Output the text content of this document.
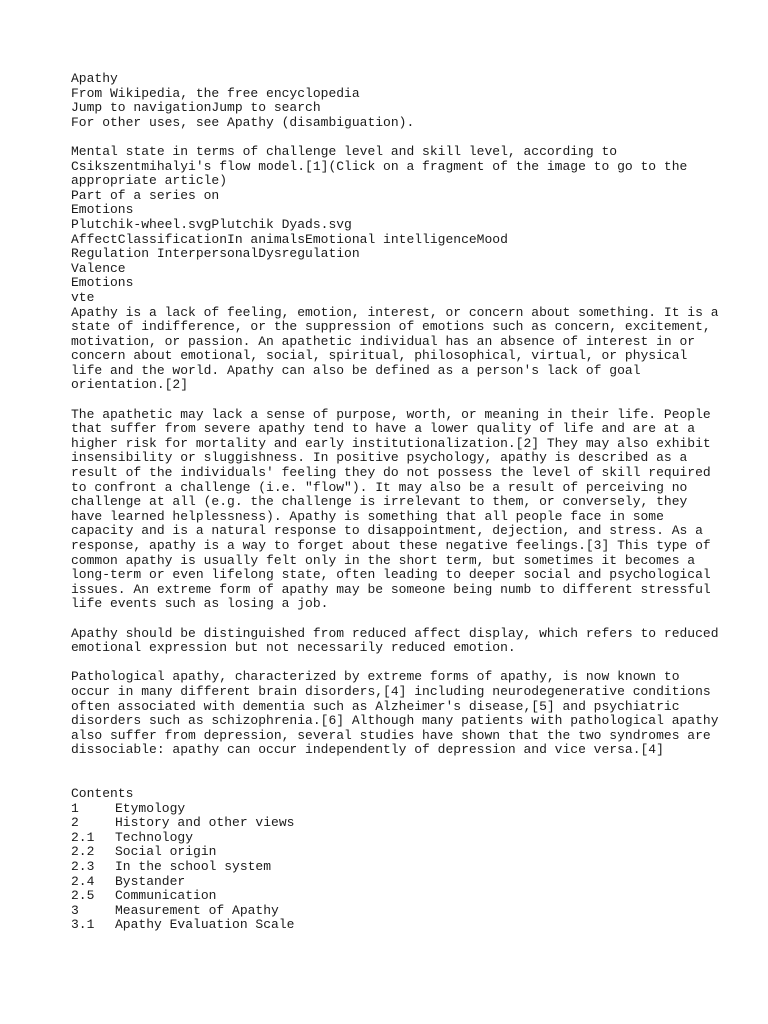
Apathy
From Wikipedia, the free encyclopedia
Jump to navigationJump to search
For other uses, see Apathy (disambiguation).
Mental state in terms of challenge level and skill level, according to
Csikszentmihalyi's flow model.[1](Click on a fragment of the image to go to the
appropriate article)
Part of a series on
Emotions
Plutchik-wheel.svgPlutchik Dyads.svg
AffectClassificationIn animalsEmotional intelligenceMood
Regulation InterpersonalDysregulation
Valence
Emotions
vte
Apathy is a lack of feeling, emotion, interest, or concern about something. It is a
state of indifference, or the suppression of emotions such as concern, excitement,
motivation, or passion. An apathetic individual has an absence of interest in or
concern about emotional, social, spiritual, philosophical, virtual, or physical
life and the world. Apathy can also be defined as a person's lack of goal
orientation.[2]
The apathetic may lack a sense of purpose, worth, or meaning in their life. People
that suffer from severe apathy tend to have a lower quality of life and are at a
higher risk for mortality and early institutionalization.[2] They may also exhibit
insensibility or sluggishness. In positive psychology, apathy is described as a
result of the individuals' feeling they do not possess the level of skill required
to confront a challenge (i.e. "flow"). It may also be a result of perceiving no
challenge at all (e.g. the challenge is irrelevant to them, or conversely, they
have learned helplessness). Apathy is something that all people face in some
capacity and is a natural response to disappointment, dejection, and stress. As a
response, apathy is a way to forget about these negative feelings.[3] This type of
common apathy is usually felt only in the short term, but sometimes it becomes a
long-term or even lifelong state, often leading to deeper social and psychological
issues. An extreme form of apathy may be someone being numb to different stressful
life events such as losing a job.
Apathy should be distinguished from reduced affect display, which refers to reduced
emotional expression but not necessarily reduced emotion.
Pathological apathy, characterized by extreme forms of apathy, is now known to
occur in many different brain disorders,[4] including neurodegenerative conditions
often associated with dementia such as Alzheimer's disease,[5] and psychiatric
disorders such as schizophrenia.[6] Although many patients with pathological apathy
also suffer from depression, several studies have shown that the two syndromes are
dissociable: apathy can occur independently of depression and vice versa.[4]
Contents
1	Etymology
2	History and other views
2.1	Technology
2.2	Social origin
2.3	In the school system
2.4	Bystander
2.5	Communication
3	Measurement of Apathy
3.1	Apathy Evaluation Scale
